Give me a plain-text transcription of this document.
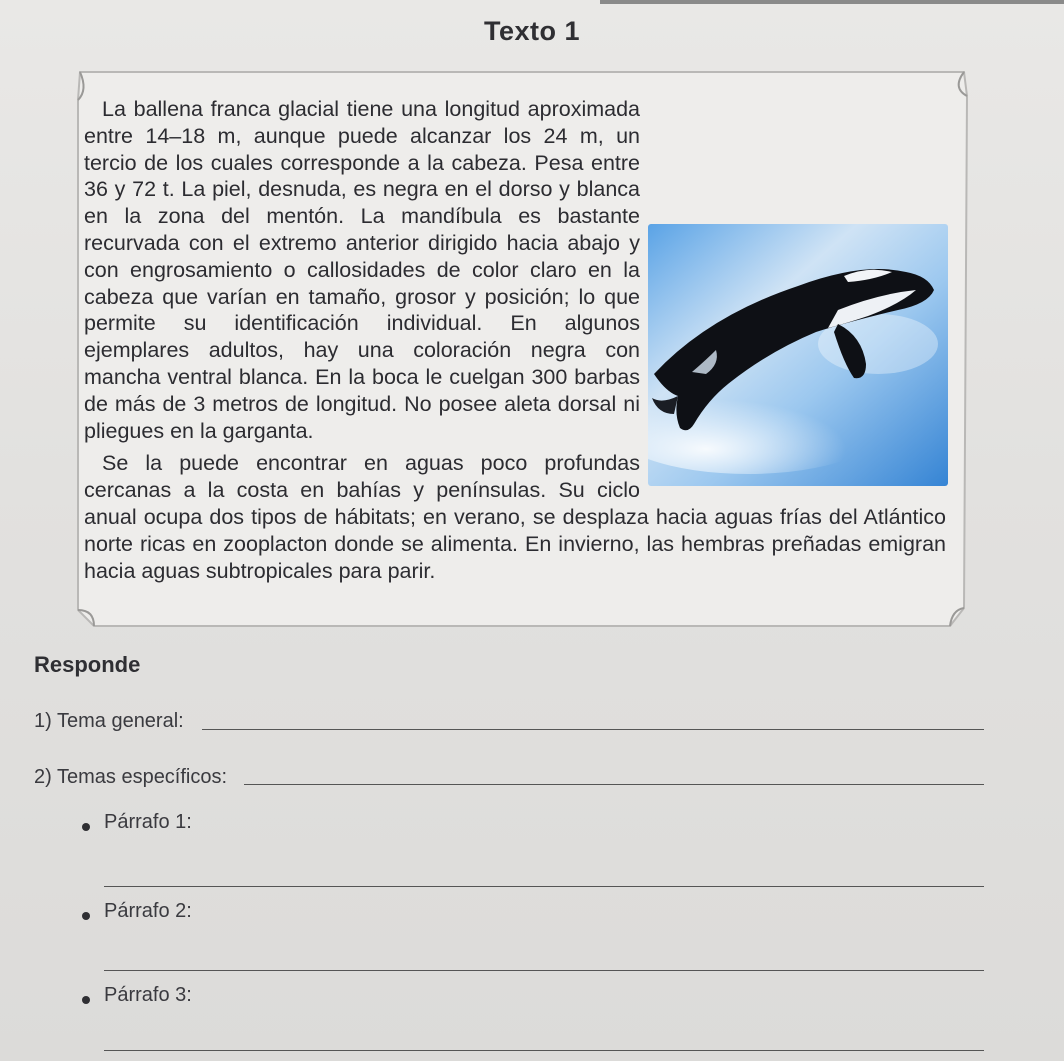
Texto 1

La ballena franca glacial tiene una longitud aproximada entre 14–18 m, aunque puede alcanzar los 24 m, un tercio de los cuales corresponde a la cabeza. Pesa entre 36 y 72 t. La piel, desnuda, es negra en el dorso y blanca en la zona del mentón. La mandíbula es bastante recurvada con el extremo anterior dirigido hacia abajo y con engrosamiento o callosidades de color claro en la cabeza que varían en tamaño, grosor y posición; lo que permite su identificación individual. En algunos ejemplares adultos, hay una coloración negra con mancha ventral blanca. En la boca le cuelgan 300 barbas de más de 3 metros de longitud. No posee aleta dorsal ni pliegues en la garganta.

Se la puede encontrar en aguas poco profundas cercanas a la costa en bahías y penínsulas. Su ciclo anual ocupa dos tipos de hábitats; en verano, se desplaza hacia aguas frías del Atlántico norte ricas en zooplacton donde se alimenta. En invierno, las hembras preñadas emigran hacia aguas subtropicales para parir.

Responde
1) Tema general:
2) Temas específicos:
Párrafo 1:
Párrafo 2:
Párrafo 3:
